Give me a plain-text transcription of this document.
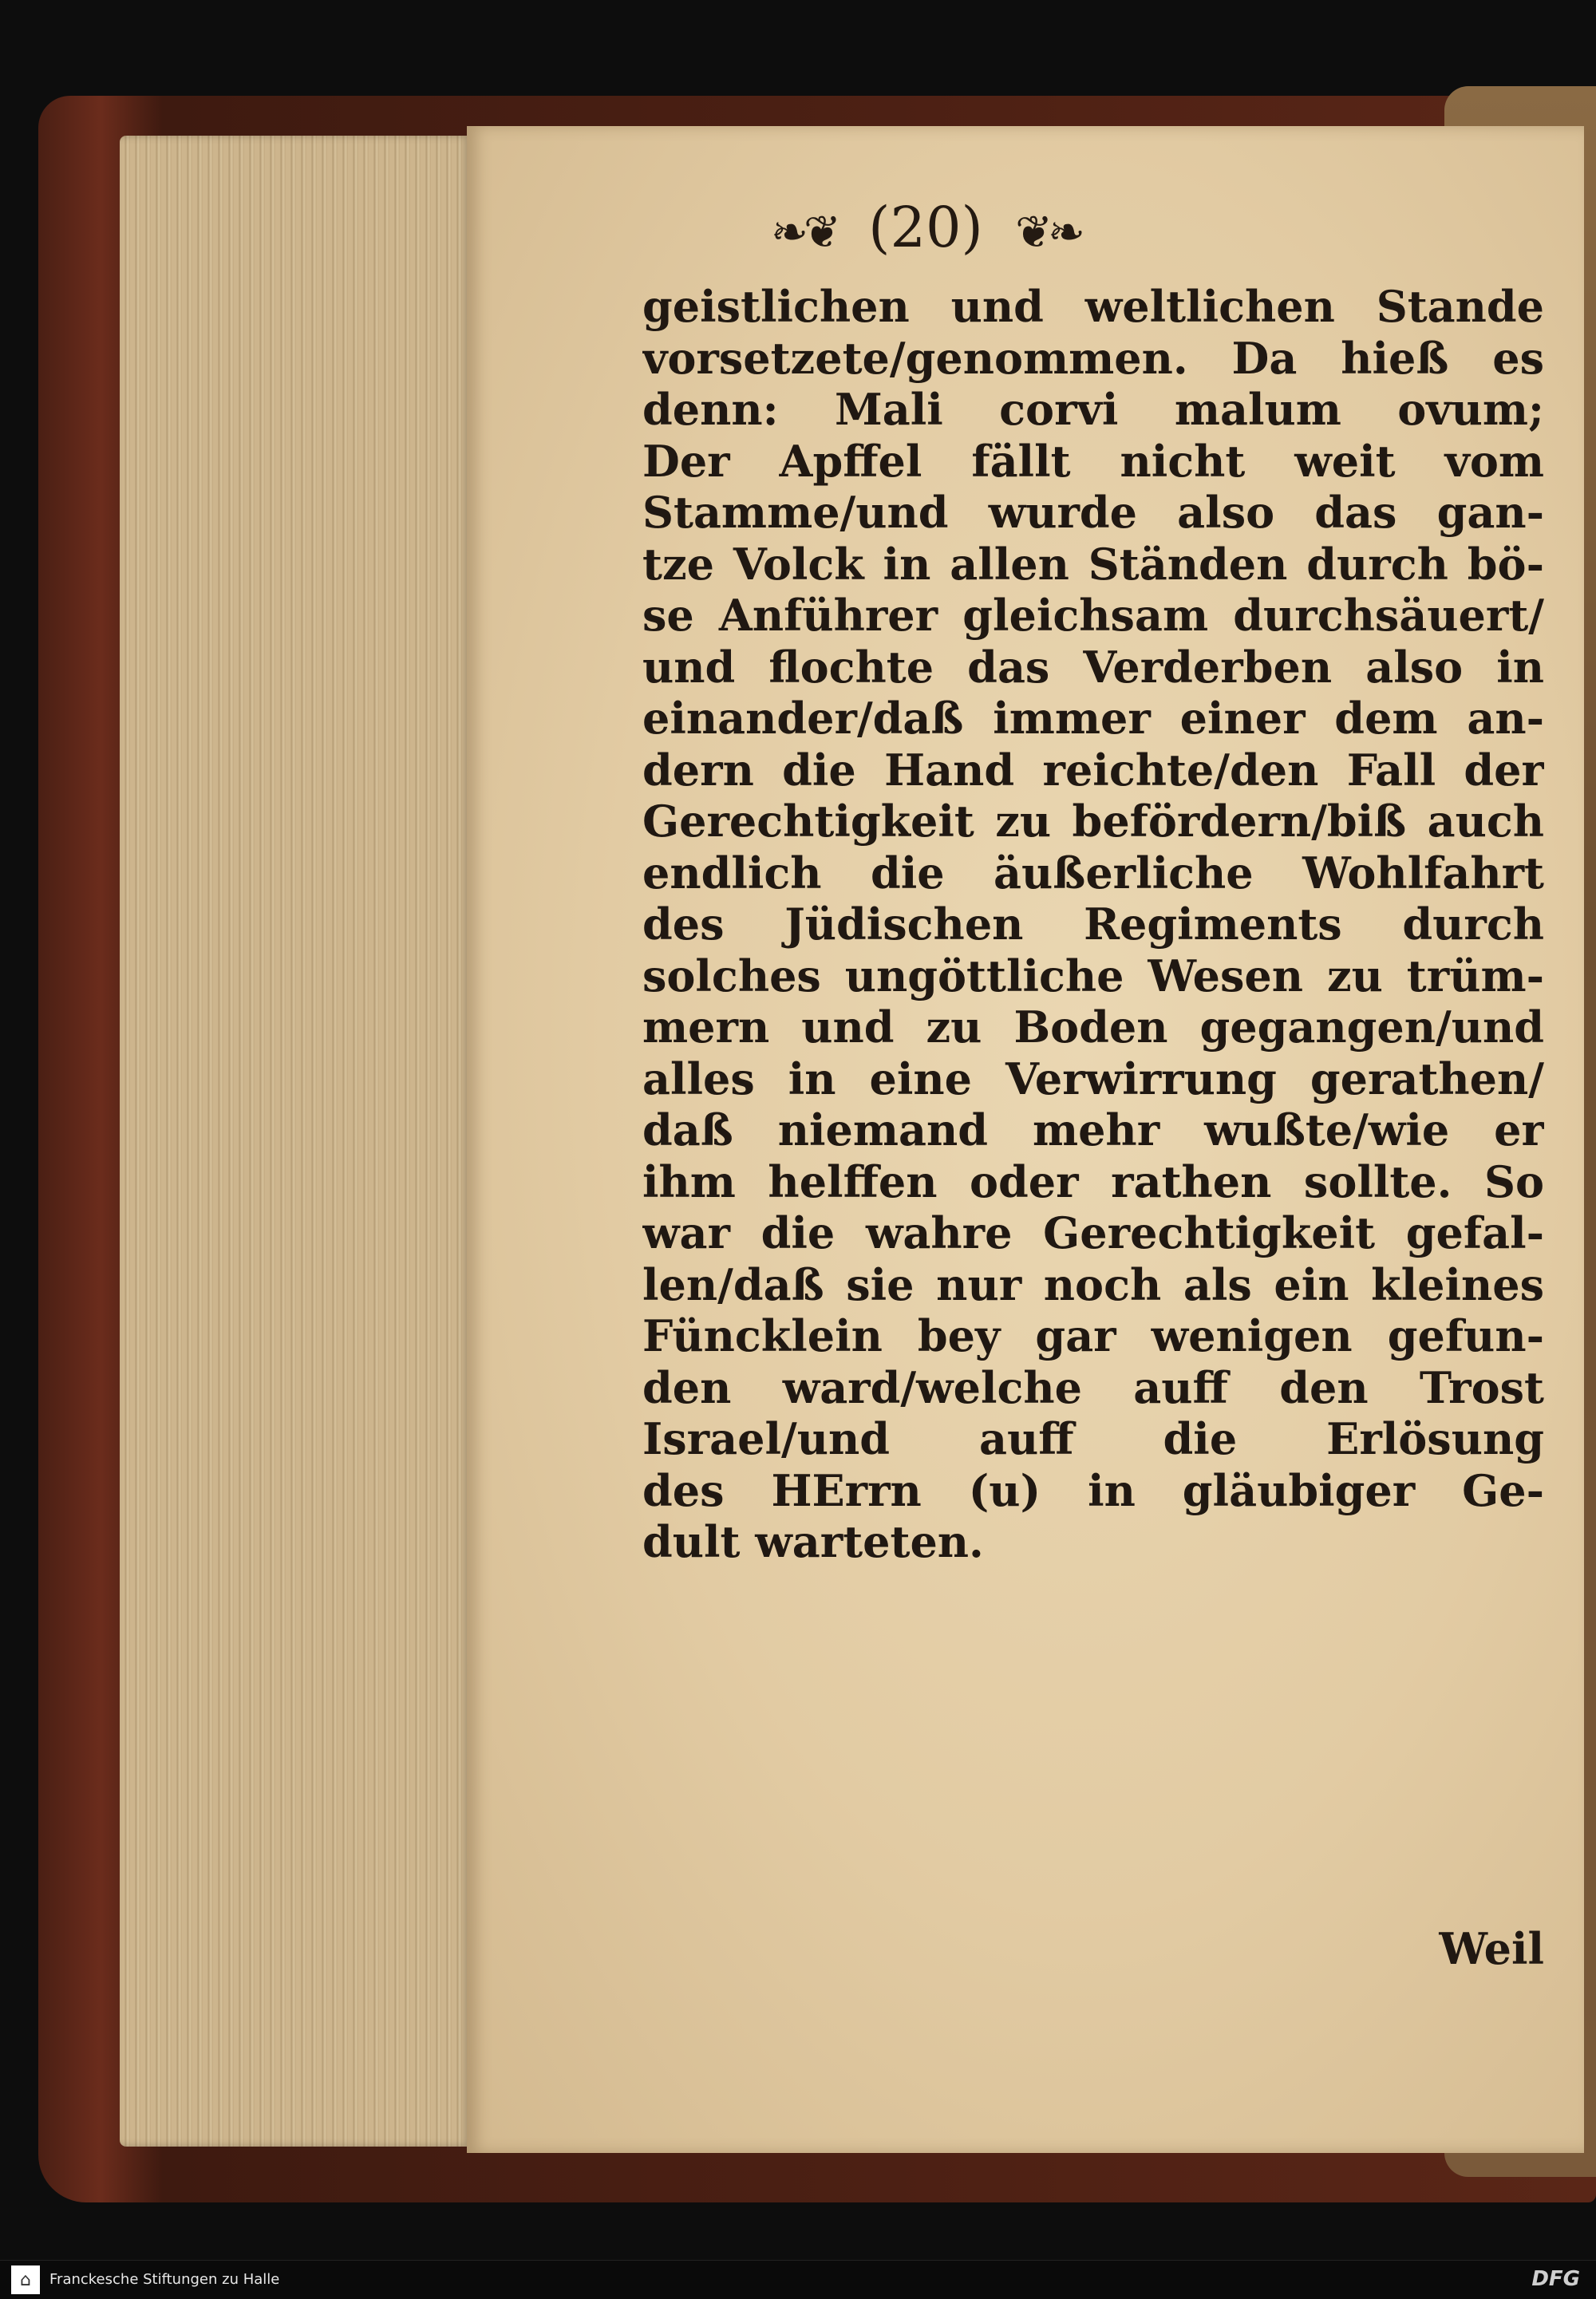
❧❦ (20) ❦❧
geistlichen und weltlichen Stande
vorsetzete/genommen. Da hieß es
denn: Mali corvi malum ovum;
Der Apffel fällt nicht weit vom
Stamme/und wurde also das gan-
tze Volck in allen Ständen durch bö-
se Anführer gleichsam durchsäuert/
und flochte das Verderben also in
einander/daß immer einer dem an-
dern die Hand reichte/den Fall der
Gerechtigkeit zu befördern/biß auch
endlich die äußerliche Wohlfahrt
des Jüdischen Regiments durch
solches ungöttliche Wesen zu trüm-
mern und zu Boden gegangen/und
alles in eine Verwirrung gerathen/
daß niemand mehr wußte/wie er
ihm helffen oder rathen sollte. So
war die wahre Gerechtigkeit gefal-
len/daß sie nur noch als ein kleines
Füncklein bey gar wenigen gefun-
den ward/welche auff den Trost
Israel/und auff die Erlösung
des HErrn (u) in gläubiger Ge-
dult warteten.
Weil
⌂	Franckesche Stiftungen zu Halle	DFG
